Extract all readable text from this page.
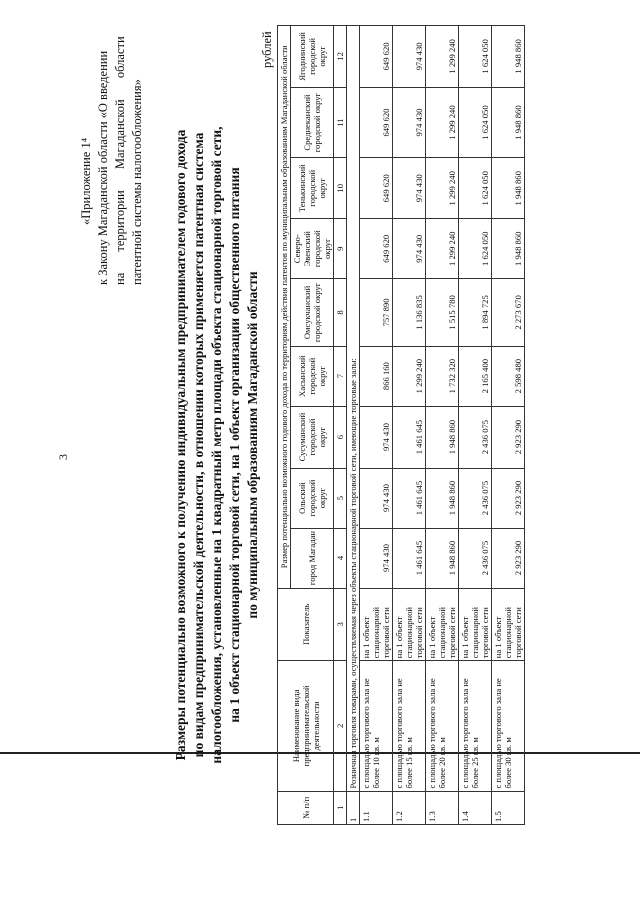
3
«Приложение 1⁴ к Закону Магаданской области «О введении на территории Магаданской области патентной системы налогообложения» Размеры потенциально возможного к получению индивидуальным предпринимателем годового дохода по видам предпринимательской деятельности, в отношении которых применяется патентная система налогообложения, установленные на 1 квадратный метр площади объекта стационарной торговой сети, на 1 объект стационарной торговой сети, на 1 объект организации общественного питания по муниципальным образованиям Магаданской области
рублей
№ п/п	Наименование вида предпринимательской деятельности	Показатель	Размер потенциально возможного годового дохода по территориям действия патентов по муниципальным образованиям Магаданской области								
			город Магадан	Ольский городской округ	Сусуманский городской округ	Хасынский городской округ	Омсукчанский городской округ	Северо-Эвенский городской округ	Тенькинский городской округ	Среднеканский городской округ	Ягоднинский городской округ
1	2	3	4	5	6	7	8	9	10	11	12
1	Розничная торговля товарами, осуществляемая через объекты стационарной торговой сети, имеющие торговые залы:										
1.1	с площадью торгового зала не более 10 кв. м	на 1 объект стационарной торговой сети	974 430	974 430	974 430	866 160	757 890	649 620	649 620	649 620	649 620
1.2	с площадью торгового зала не более 15 кв. м	на 1 объект стационарной торговой сети	1 461 645	1 461 645	1 461 645	1 299 240	1 136 835	974 430	974 430	974 430	974 430
1.3	с площадью торгового зала не более 20 кв. м	на 1 объект стационарной торговой сети	1 948 860	1 948 860	1 948 860	1 732 320	1 515 780	1 299 240	1 299 240	1 299 240	1 299 240
1.4	с площадью торгового зала не более 25 кв. м	на 1 объект стационарной торговой сети	2 436 075	2 436 075	2 436 075	2 165 400	1 894 725	1 624 050	1 624 050	1 624 050	1 624 050
1.5	с площадью торгового зала не более 30 кв. м	на 1 объект стационарной торговой сети	2 923 290	2 923 290	2 923 290	2 598 480	2 273 670	1 948 860	1 948 860	1 948 860	1 948 860
